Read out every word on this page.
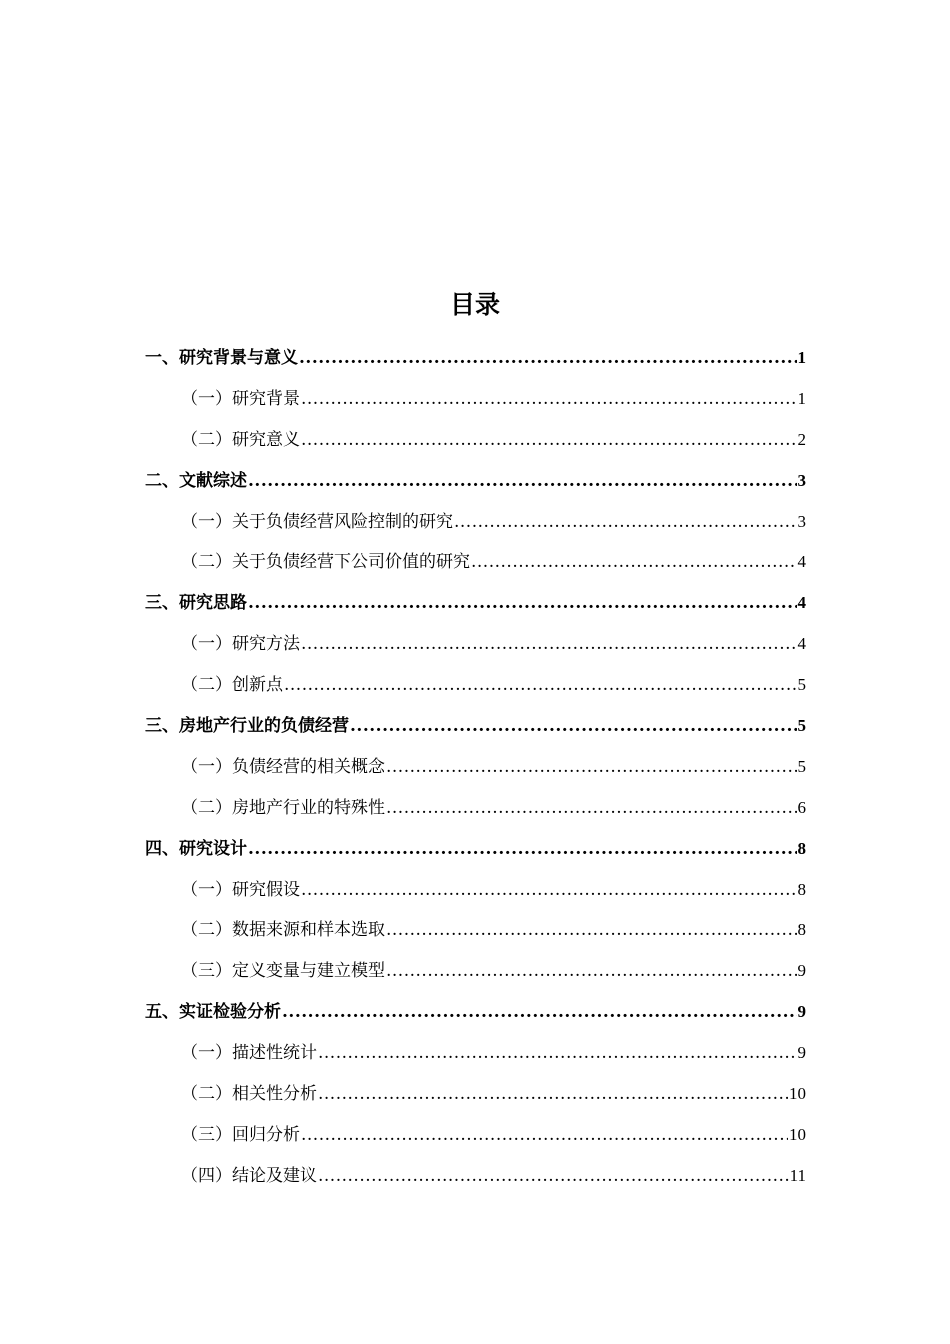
目录
一、研究背景与意义 .....	1
（一）研究背景 .....	1
（二）研究意义 .....	2
二、文献综述 .....	3
（一）关于负债经营风险控制的研究 .....	3
（二）关于负债经营下公司价值的研究 .....	4
三、研究思路 .....	4
（一）研究方法 .....	4
（二）创新点 .....	5
三、房地产行业的负债经营 .....	5
（一）负债经营的相关概念 .....	5
（二）房地产行业的特殊性 .....	6
四、研究设计 .....	8
（一）研究假设 .....	8
（二）数据来源和样本选取 .....	8
（三）定义变量与建立模型 .....	9
五、实证检验分析 .....	9
（一）描述性统计 .....	9
（二）相关性分析 .....	10
（三）回归分析 .....	10
（四）结论及建议 .....	11
